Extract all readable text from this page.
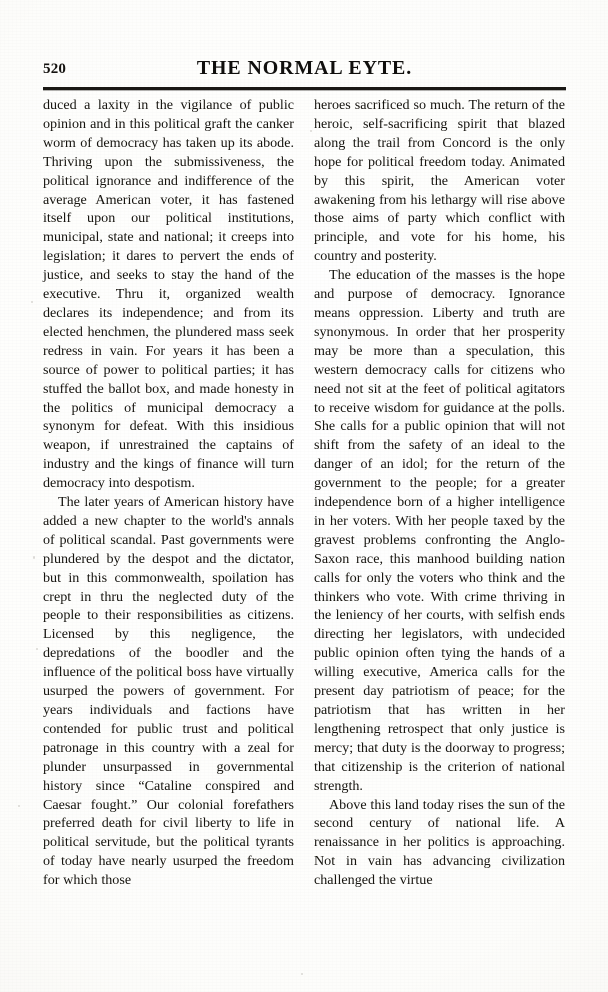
520	THE NORMAL EYTE.

duced a laxity in the vigilance of public opinion and in this political graft the canker worm of democracy has taken up its abode. Thriving upon the submissiveness, the political ignorance and indifference of the average American voter, it has fastened itself upon our political institutions, municipal, state and national; it creeps into legislation; it dares to pervert the ends of justice, and seeks to stay the hand of the executive. Thru it, organized wealth declares its independence; and from its elected henchmen, the plundered mass seek redress in vain. For years it has been a source of power to political parties; it has stuffed the ballot box, and made honesty in the politics of municipal democracy a synonym for defeat. With this insidious weapon, if unrestrained the captains of industry and the kings of finance will turn democracy into despotism.

The later years of American history have added a new chapter to the world's annals of political scandal. Past governments were plundered by the despot and the dictator, but in this commonwealth, spoilation has crept in thru the neglected duty of the people to their responsibilities as citizens. Licensed by this negligence, the depredations of the boodler and the influence of the political boss have virtually usurped the powers of government. For years individuals and factions have contended for public trust and political patronage in this country with a zeal for plunder unsurpassed in governmental history since “Cataline conspired and Caesar fought.” Our colonial forefathers preferred death for civil liberty to life in political servitude, but the political tyrants of today have nearly usurped the freedom for which those

heroes sacrificed so much. The return of the heroic, self-sacrificing spirit that blazed along the trail from Concord is the only hope for political freedom today. Animated by this spirit, the American voter awakening from his lethargy will rise above those aims of party which conflict with principle, and vote for his home, his country and posterity.

The education of the masses is the hope and purpose of democracy. Ignorance means oppression. Liberty and truth are synonymous. In order that her prosperity may be more than a speculation, this western democracy calls for citizens who need not sit at the feet of political agitators to receive wisdom for guidance at the polls. She calls for a public opinion that will not shift from the safety of an ideal to the danger of an idol; for the return of the government to the people; for a greater independence born of a higher intelligence in her voters. With her people taxed by the gravest problems confronting the Anglo-Saxon race, this manhood building nation calls for only the voters who think and the thinkers who vote. With crime thriving in the leniency of her courts, with selfish ends directing her legislators, with undecided public opinion often tying the hands of a willing executive, America calls for the present day patriotism of peace; for the patriotism that has written in her lengthening retrospect that only justice is mercy; that duty is the doorway to progress; that citizenship is the criterion of national strength.

Above this land today rises the sun of the second century of national life. A renaissance in her politics is approaching. Not in vain has advancing civilization challenged the virtue
